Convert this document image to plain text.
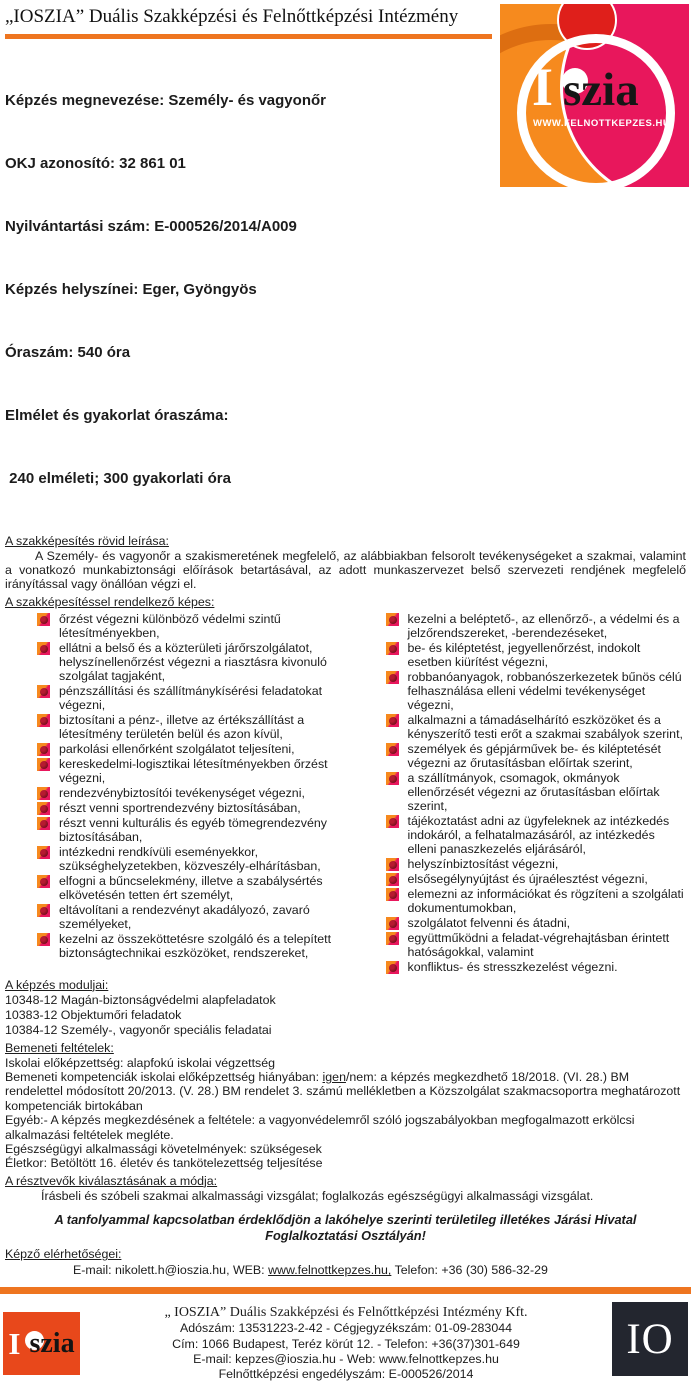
„IOSZIA” Duális Szakképzési és Felnőttképzési Intézmény

Képzés megnevezése: Személy- és vagyonőr

OKJ azonosító: 32 861 01

Nyilvántartási szám: E-000526/2014/A009

Képzés helyszínei: Eger, Gyöngyös

Óraszám: 540 óra

Elmélet és gyakorlat óraszáma:

240 elméleti; 300 gyakorlati óra

I szia
WWW.FELNOTTKEPZES.HU
A szakképesítés rövid leírása:

A Személy- és vagyonőr a szakismeretének megfelelő, az alábbiakban felsorolt tevékenységeket a szakmai, valamint a vonatkozó munkabiztonsági előírások betartásával, az adott munkaszervezet belső szervezeti rendjének megfelelő irányítással vagy önállóan végzi el.

A szakképesítéssel rendelkező képes:
őrzést végezni különböző védelmi szintű létesítményekben,
ellátni a belső és a közterületi járőrszolgálatot, helyszínellenőrzést végezni a riasztásra kivonuló szolgálat tagjaként,
pénzszállítási és szállítmánykísérési feladatokat végezni,
biztosítani a pénz-, illetve az értékszállítást a létesítmény területén belül és azon kívül,
parkolási ellenőrként szolgálatot teljesíteni,
kereskedelmi-logisztikai létesítményekben őrzést végezni,
rendezvénybiztosítói tevékenységet végezni,
részt venni sportrendezvény biztosításában,
részt venni kulturális és egyéb tömegrendezvény biztosításában,
intézkedni rendkívüli eseményekkor, szükséghelyzetekben, közveszély-elhárításban,
elfogni a bűncselekmény, illetve a szabálysértés elkövetésén tetten ért személyt,
eltávolítani a rendezvényt akadályozó, zavaró személyeket,
kezelni az összeköttetésre szolgáló és a telepített biztonságtechnikai eszközöket, rendszereket,
kezelni a beléptető-, az ellenőrző-, a védelmi és a jelzőrendszereket, -berendezéseket,
be- és kiléptetést, jegyellenőrzést, indokolt esetben kiürítést végezni,
robbanóanyagok, robbanószerkezetek bűnös célú felhasználása elleni védelmi tevékenységet végezni,
alkalmazni a támadáselhárító eszközöket és a kényszerítő testi erőt a szakmai szabályok szerint,
személyek és gépjárművek be- és kiléptetését végezni az őrutasításban előírtak szerint,
a szállítmányok, csomagok, okmányok ellenőrzését végezni az őrutasításban előírtak szerint,
tájékoztatást adni az ügyfeleknek az intézkedés indokáról, a felhatalmazásáról, az intézkedés elleni panaszkezelés eljárásáról,
helyszínbiztosítást végezni,
elsősegélynyújtást és újraélesztést végezni,
elemezni az információkat és rögzíteni a szolgálati dokumentumokban,
szolgálatot felvenni és átadni,
együttműködni a feladat-végrehajtásban érintett hatóságokkal, valamint
konfliktus- és stresszkezelést végezni.
A képzés moduljai:
10348-12 Magán-biztonságvédelmi alapfeladatok
10383-12 Objektumőri feladatok
10384-12 Személy-, vagyonőr speciális feladatai
Bemeneti feltételek:
Iskolai előképzettség: alapfokú iskolai végzettség
Bemeneti kompetenciák iskolai előképzettség hiányában: igen/nem: a képzés megkezdhető 18/2018. (VI. 28.) BM rendelettel módosított 20/2013. (V. 28.) BM rendelet 3. számú mellékletben a Közszolgálat szakmacsoportra meghatározott kompetenciák birtokában
Egyéb:- A képzés megkezdésének a feltétele: a vagyonvédelemről szóló jogszabályokban megfogalmazott erkölcsi alkalmazási feltételek megléte.
Egészségügyi alkalmassági követelmények: szükségesek
Életkor: Betöltött 16. életév és tankötelezettség teljesítése
A résztvevők kiválasztásának a módja:
Írásbeli és szóbeli szakmai alkalmassági vizsgálat; foglalkozás egészségügyi alkalmassági vizsgálat.
A tanfolyammal kapcsolatban érdeklődjön a lakóhelye szerinti területileg illetékes Járási Hivatal Foglalkoztatási Osztályán!
Képző elérhetőségei:
E-mail: nikolett.h@ioszia.hu, WEB: www.felnottkepzes.hu, Telefon: +36 (30) 586-32-29
I szia
„ IOSZIA” Duális Szakképzési és Felnőttképzési Intézmény Kft.
Adószám: 13531223-2-42 - Cégjegyzékszám: 01-09-283044
Cím: 1066 Budapest, Teréz körút 12. - Telefon: +36(37)301-649
E-mail: kepzes@ioszia.hu - Web: www.felnottkepzes.hu
Felnőttképzési engedélyszám: E-000526/2014
IO
